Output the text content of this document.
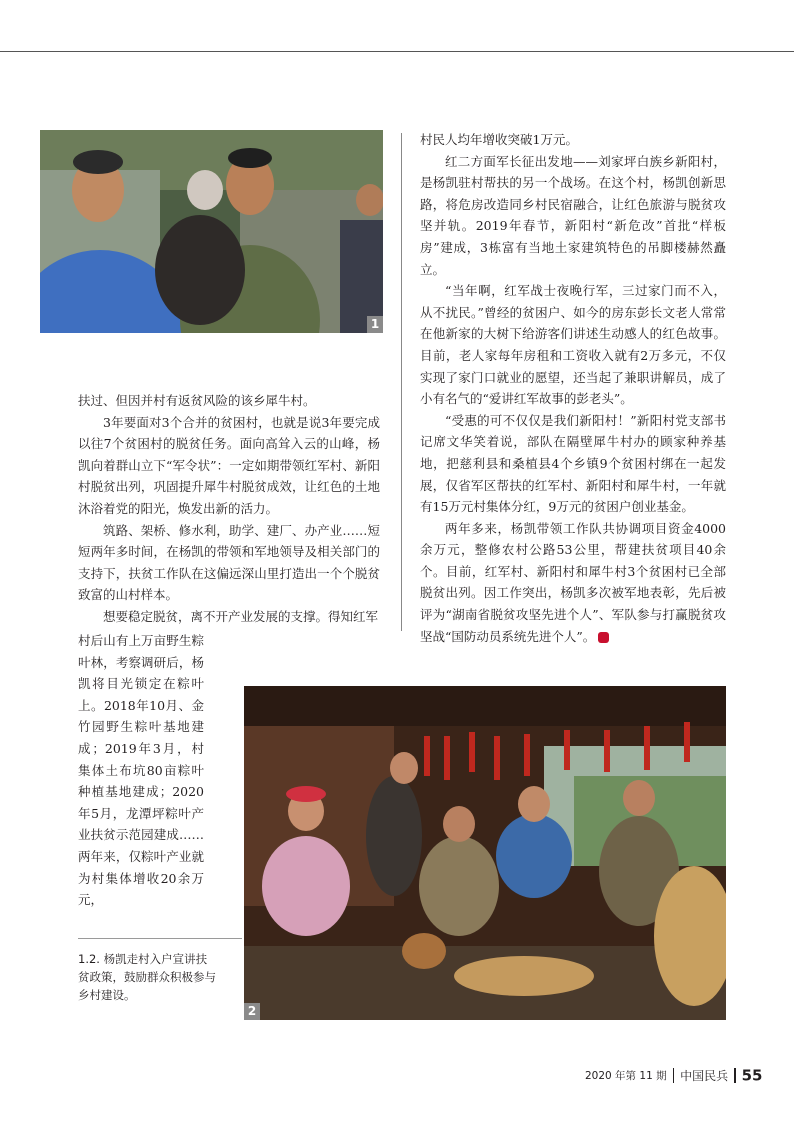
1

村民人均年增收突破1万元。

红二方面军长征出发地——刘家坪白族乡新阳村，是杨凯驻村帮扶的另一个战场。在这个村，杨凯创新思路，将危房改造同乡村民宿融合，让红色旅游与脱贫攻坚并轨。2019年春节，新阳村“新危改”首批“样板房”建成，3栋富有当地土家建筑特色的吊脚楼赫然矗立。

“当年啊，红军战士夜晚行军，三过家门而不入，从不扰民。”曾经的贫困户、如今的房东彭长文老人常常在他新家的大树下给游客们讲述生动感人的红色故事。目前，老人家每年房租和工资收入就有2万多元，不仅实现了家门口就业的愿望，还当起了兼职讲解员，成了小有名气的“爱讲红军故事的彭老头”。

“受惠的可不仅仅是我们新阳村！”新阳村党支部书记席文华笑着说，部队在隔壁犀牛村办的顾家种养基地，把慈利县和桑植县4个乡镇9个贫困村绑在一起发展，仅省军区帮扶的红军村、新阳村和犀牛村，一年就有15万元村集体分红，9万元的贫困户创业基金。

两年多来，杨凯带领工作队共协调项目资金4000余万元，整修农村公路53公里，帮建扶贫项目40余个。目前，红军村、新阳村和犀牛村3个贫困村已全部脱贫出列。因工作突出，杨凯多次被军地表彰，先后被评为“湖南省脱贫攻坚先进个人”、军队参与打赢脱贫攻坚战“国防动员系统先进个人”。

扶过、但因并村有返贫风险的该乡犀牛村。

3年要面对3个合并的贫困村，也就是说3年要完成以往7个贫困村的脱贫任务。面向高耸入云的山峰，杨凯向着群山立下“军令状”：一定如期带领红军村、新阳村脱贫出列，巩固提升犀牛村脱贫成效，让红色的土地沐浴着党的阳光，焕发出新的活力。

筑路、架桥、修水利，助学、建厂、办产业……短短两年多时间，在杨凯的带领和军地领导及相关部门的支持下，扶贫工作队在这偏远深山里打造出一个个脱贫致富的山村样本。

想要稳定脱贫，离不开产业发展的支撑。得知红军

村后山有上万亩野生粽叶林，考察调研后，杨凯将目光锁定在粽叶上。2018年10月、金竹园野生粽叶基地建成；2019年3月，村集体土布坑80亩粽叶种植基地建成；2020年5月，龙潭坪粽叶产业扶贫示范园建成……两年来，仅粽叶产业就为村集体增收20余万元，

2
1.2. 杨凯走村入户宣讲扶贫政策，鼓励群众积极参与乡村建设。
2020 年第 11 期 中国民兵 55
